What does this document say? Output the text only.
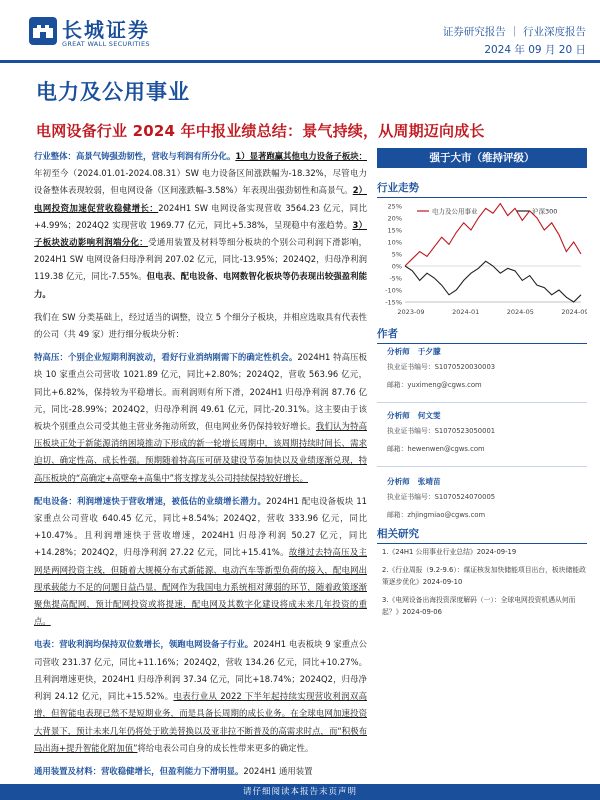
长城证券
GREAT WALL SECURITIES
证券研究报告 ｜ 行业深度报告
2024 年 09 月 20 日
电力及公用事业
电网设备行业 2024 年中报业绩总结：景气持续，从周期迈向成长

行业整体：高景气铸强劲韧性，营收与利润有所分化。1）显著跑赢其他电力设备子板块：年初至今（2024.01.01-2024.08.31）SW 电力设备区间涨跌幅为-18.32%，尽管电力设备整体表现较弱，但电网设备（区间涨跌幅-3.58%）年表现出强劲韧性和高景气。2）电网投资加速促营收稳健增长：2024H1 SW 电网设备实现营收 3564.23 亿元，同比+4.99%；2024Q2 实现营收 1969.77 亿元，同比+5.38%，呈现稳中有涨趋势。3）子板块波动影响利润端分化：受通用装置及材料等细分板块的个别公司利润下滑影响，2024H1 SW 电网设备归母净利润 207.02 亿元，同比-13.95%；2024Q2，归母净利润 119.38 亿元，同比-7.55%。但电表、配电设备、电网数智化板块等仍表现出较强盈利能力。

我们在 SW 分类基础上，经过适当的调整，设立 5 个细分子板块，并相应选取具有代表性的公司（共 49 家）进行细分板块分析：

特高压：个别企业短期利润波动，看好行业消纳刚需下的确定性机会。2024H1 特高压板块 10 家重点公司营收 1021.89 亿元，同比+2.80%；2024Q2，营收 563.96 亿元，同比+6.82%，保持较为平稳增长。而利润则有所下滑，2024H1 归母净利润 87.76 亿元，同比-28.99%；2024Q2，归母净利润 49.61 亿元，同比-20.31%。这主要由于该板块个别重点公司受其他主营业务拖动所致，但电网业务仍保持较好增长。我们认为特高压板块正处于新能源消纳困境推动下形成的新一轮增长周期中，该周期持续时间长、需求迫切、确定性高、成长性强。预期随着特高压可研及建设节奏加快以及业绩逐渐兑现，特高压板块的“高确定+高壁垒+高集中”将支撑龙头公司持续保持较好增长。

配电设备：利润增速快于营收增速，被低估的业绩增长潜力。2024H1 配电设备板块 11 家重点公司营收 640.45 亿元，同比+8.54%；2024Q2，营收 333.96 亿元，同比+10.47%。且利润增速快于营收增速，2024H1 归母净利润 50.27 亿元，同比+14.28%；2024Q2，归母净利润 27.22 亿元，同比+15.41%。故继过去特高压及主网是两网投资主线，但随着大规模分布式新能源、电动汽车等新型负荷的接入，配电网出现承载能力不足的问题日益凸显，配网作为我国电力系统相对薄弱的环节，随着政策逐渐聚焦提高配网，预计配网投资或将提速，配电网及其数字化建设将成未来几年投资的重点。

电表：营收利润均保持双位数增长，领跑电网设备子行业。2024H1 电表板块 9 家重点公司营收 231.37 亿元，同比+11.16%；2024Q2，营收 134.26 亿元，同比+10.27%。且利润增速更快，2024H1 归母净利润 37.34 亿元，同比+18.74%；2024Q2，归母净利润 24.12 亿元，同比+15.52%。电表行业从 2022 下半年起持续实现营收利润双高增，但智能电表现已然不是短期业务，而是具备长周期的成长业务。在全球电网加速投资大背景下，预计未来几年仍将处于欧美替换以及亚非拉不断普及的高需求时点，而“积极布局出海+提升智能化附加值”将给电表公司自身的成长性带来更多的确定性。

通用装置及材料：营收稳健增长，但盈利能力下滑明显。2024H1 通用装置

强于大市（维持评级）
行业走势
25%
20%
15%
10%
5%
0%
-5%
-10%
-15%
2023-09	2024-01	2024-05	2024-09
电力及公用事业	沪深300
作者
分析师 于夕朦
执业证书编号：S1070520030003
邮箱：yuximeng@cgws.com
分析师 何文雯
执业证书编号：S1070523050001
邮箱：hewenwen@cgws.com
分析师 张靖苗
执业证书编号：S1070524070005
邮箱：zhjingmiao@cgws.com
相关研究
1.《24H1 公用事业行业总结》2024-09-19
2.《行业周报（9.2-9.6）：煤证核发加快储能项目出台，板块储能政策逐步优化》2024-09-10
3.《电网设备出海投资深度解码（一）：全球电网投资机遇从何而起？》2024-09-06
请仔细阅读本报告末页声明
